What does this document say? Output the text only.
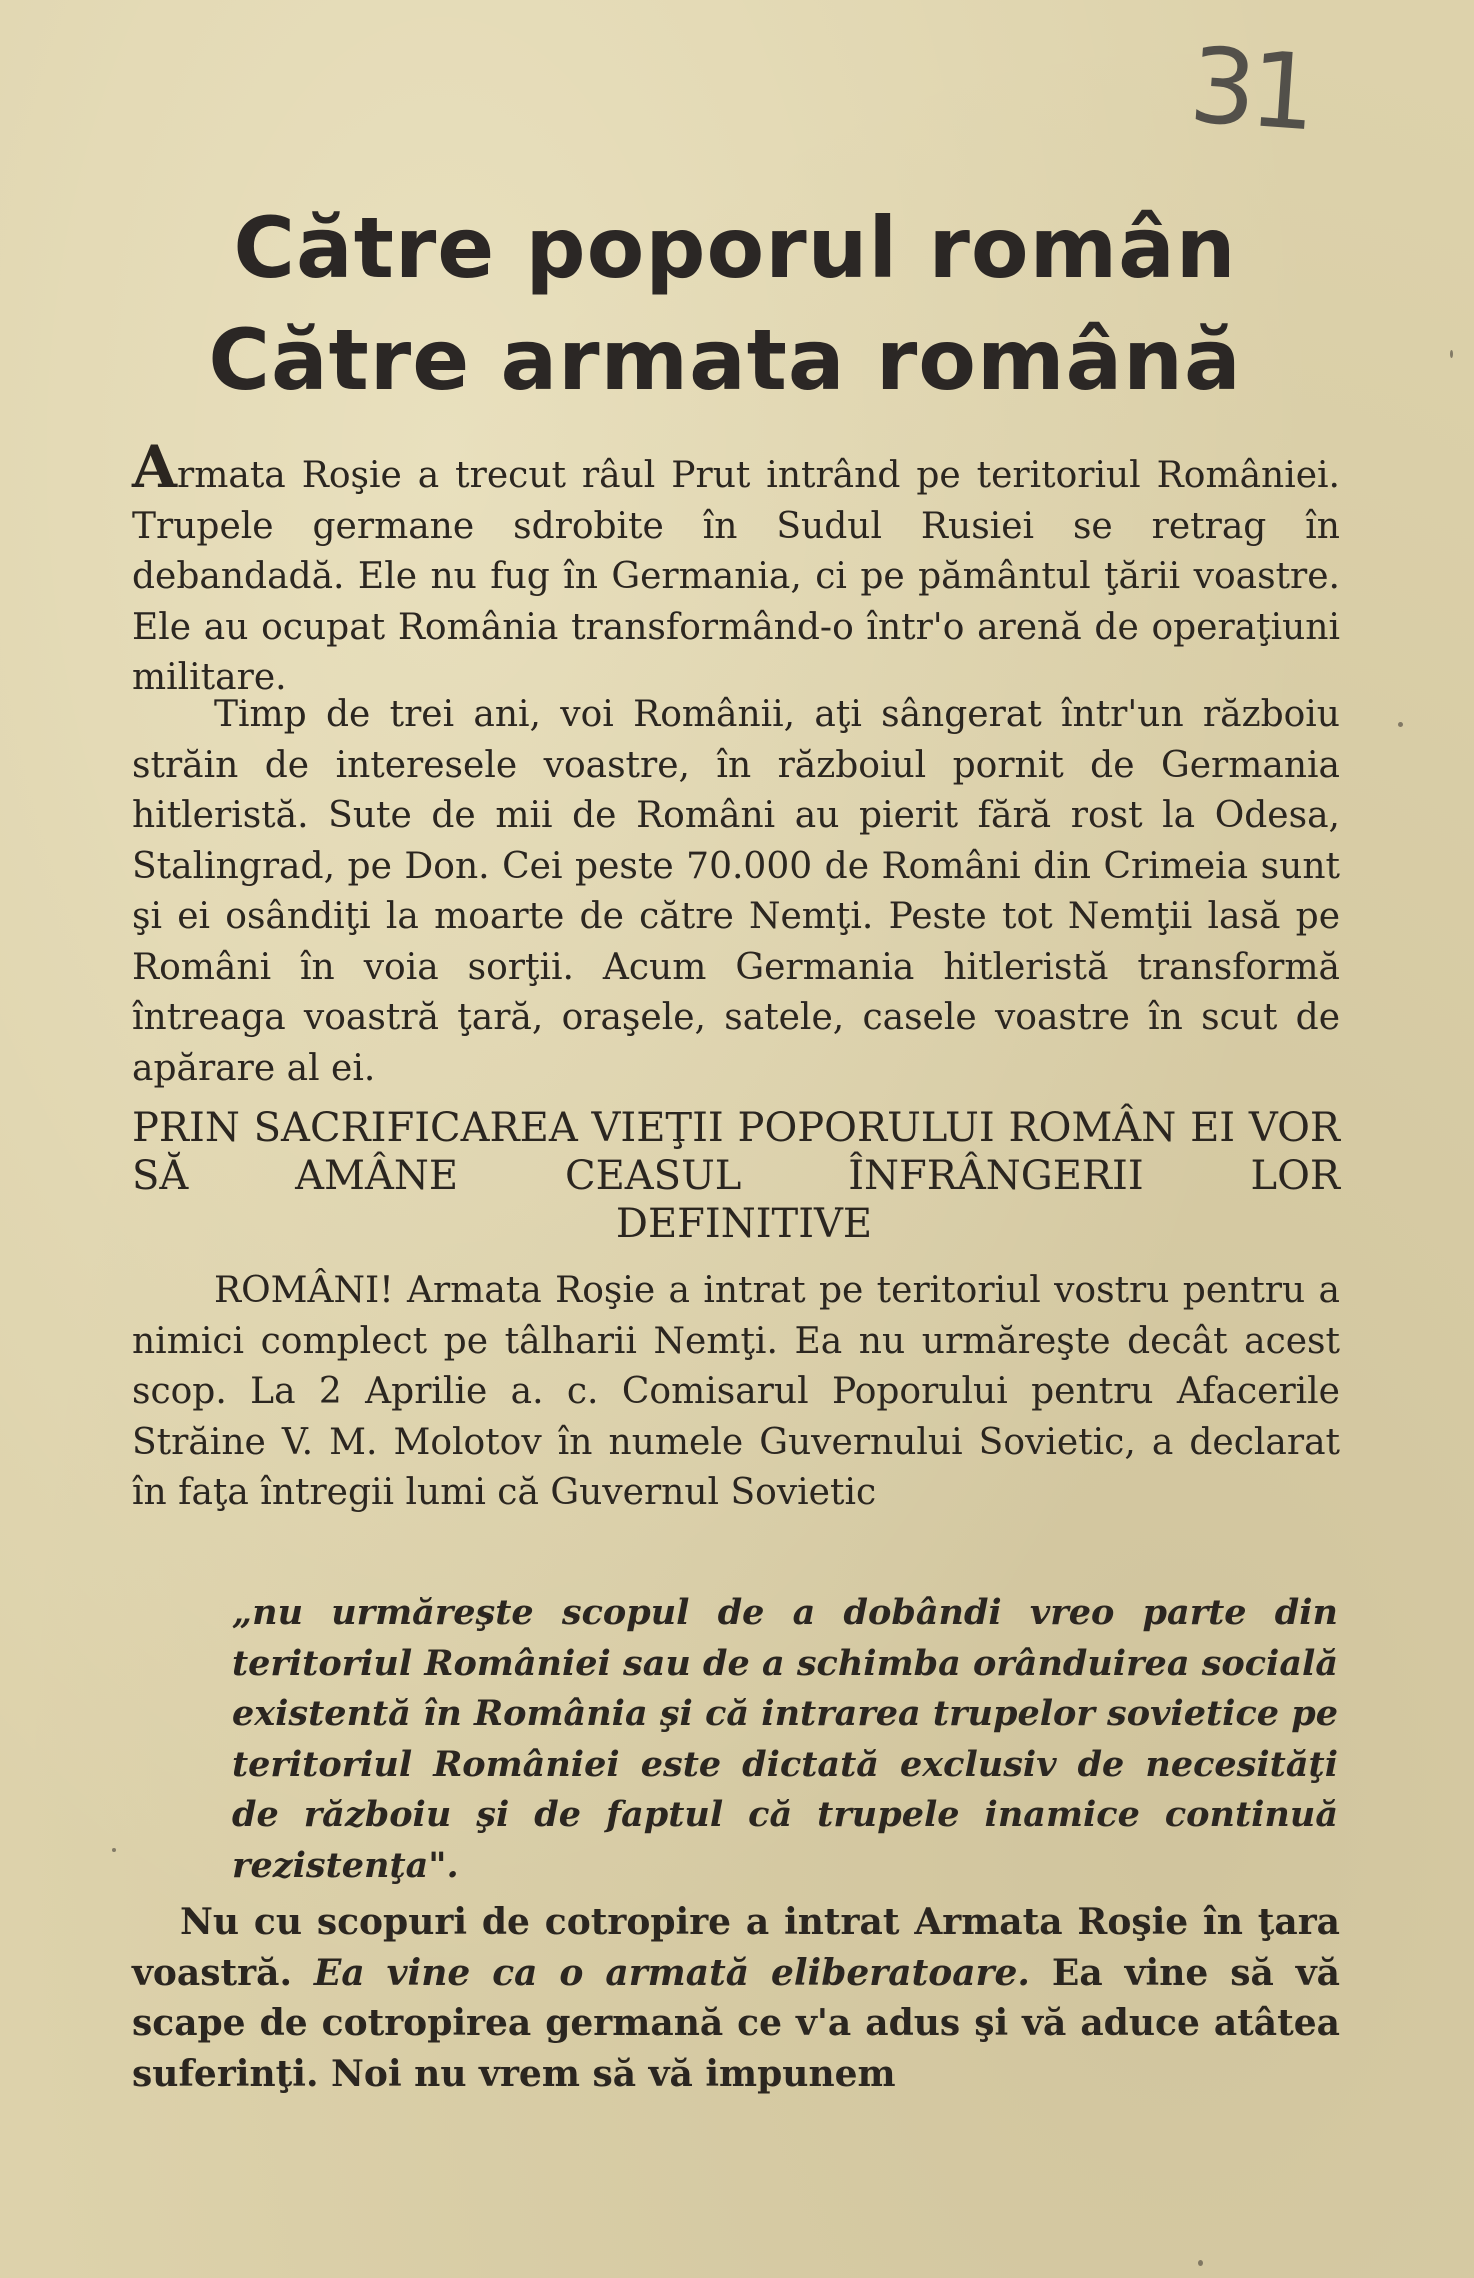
31
Către poporul român
Către armata română

Armata Roşie a trecut râul Prut intrând pe teritoriul României. Trupele germane sdrobite în Sudul Rusiei se retrag în debandadă. Ele nu fug în Germania, ci pe pământul ţării voastre. Ele au ocupat România transformând-o într'o arenă de operaţiuni militare.

Timp de trei ani, voi Românii, aţi sângerat într'un războiu străin de interesele voastre, în războiul pornit de Germania hitleristă. Sute de mii de Români au pierit fără rost la Odesa, Stalingrad, pe Don. Cei peste 70.000 de Români din Crimeia sunt şi ei osândiţi la moarte de către Nemţi. Peste tot Nemţii lasă pe Români în voia sorţii. Acum Germania hitleristă transformă întreaga voastră ţară, oraşele, satele, casele voastre în scut de apărare al ei.

PRIN SACRIFICAREA VIEŢII POPORULUI ROMÂN EI VOR SĂ AMÂNE CEASUL ÎNFRÂNGERII LOR
DEFINITIVE

ROMÂNI! Armata Roşie a intrat pe teritoriul vostru pentru a nimici complect pe tâlharii Nemţi. Ea nu urmăreşte decât acest scop. La 2 Aprilie a. c. Comisarul Poporului pentru Afacerile Străine V. M. Molotov în numele Guvernului Sovietic, a declarat în faţa întregii lumi că Guvernul Sovietic

„nu urmăreşte scopul de a dobândi vreo parte din teritoriul României sau de a schimba orânduirea socială existentă în România şi că intrarea trupelor sovietice pe teritoriul României este dictată exclusiv de necesităţi de războiu şi de faptul că trupele inamice continuă rezistenţa".

Nu cu scopuri de cotropire a intrat Armata Roşie în ţara voastră. Ea vine ca o armată eliberatoare. Ea vine să vă scape de cotropirea germană ce v'a adus şi vă aduce atâtea suferinţi. Noi nu vrem să vă impunem
